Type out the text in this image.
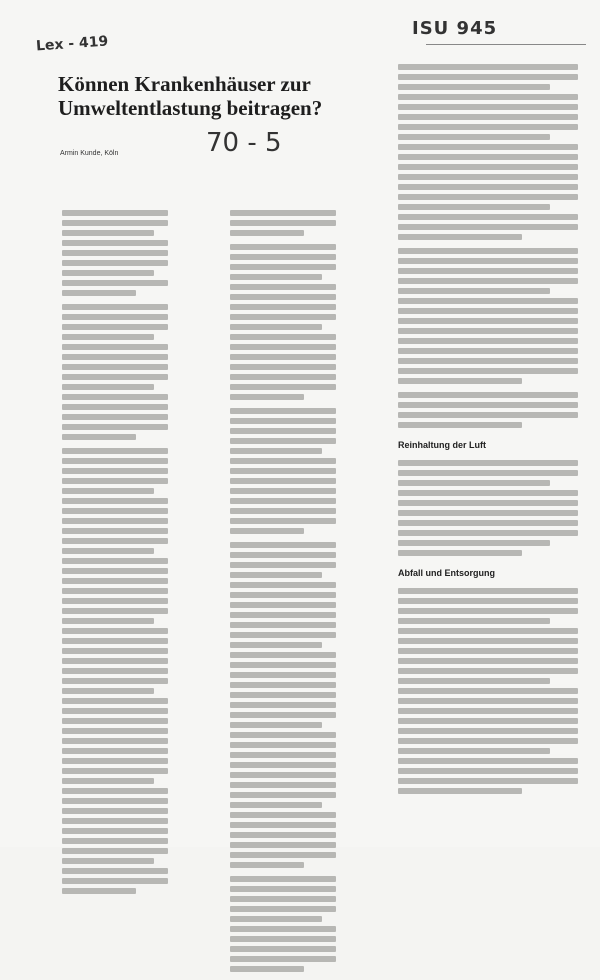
Lex - 419
ISU 945
70 - 5
Können Krankenhäuser zur
Umweltentlastung beitragen?
Armin Kunde, Köln
Reinhaltung der Luft
Abfall und Entsorgung
